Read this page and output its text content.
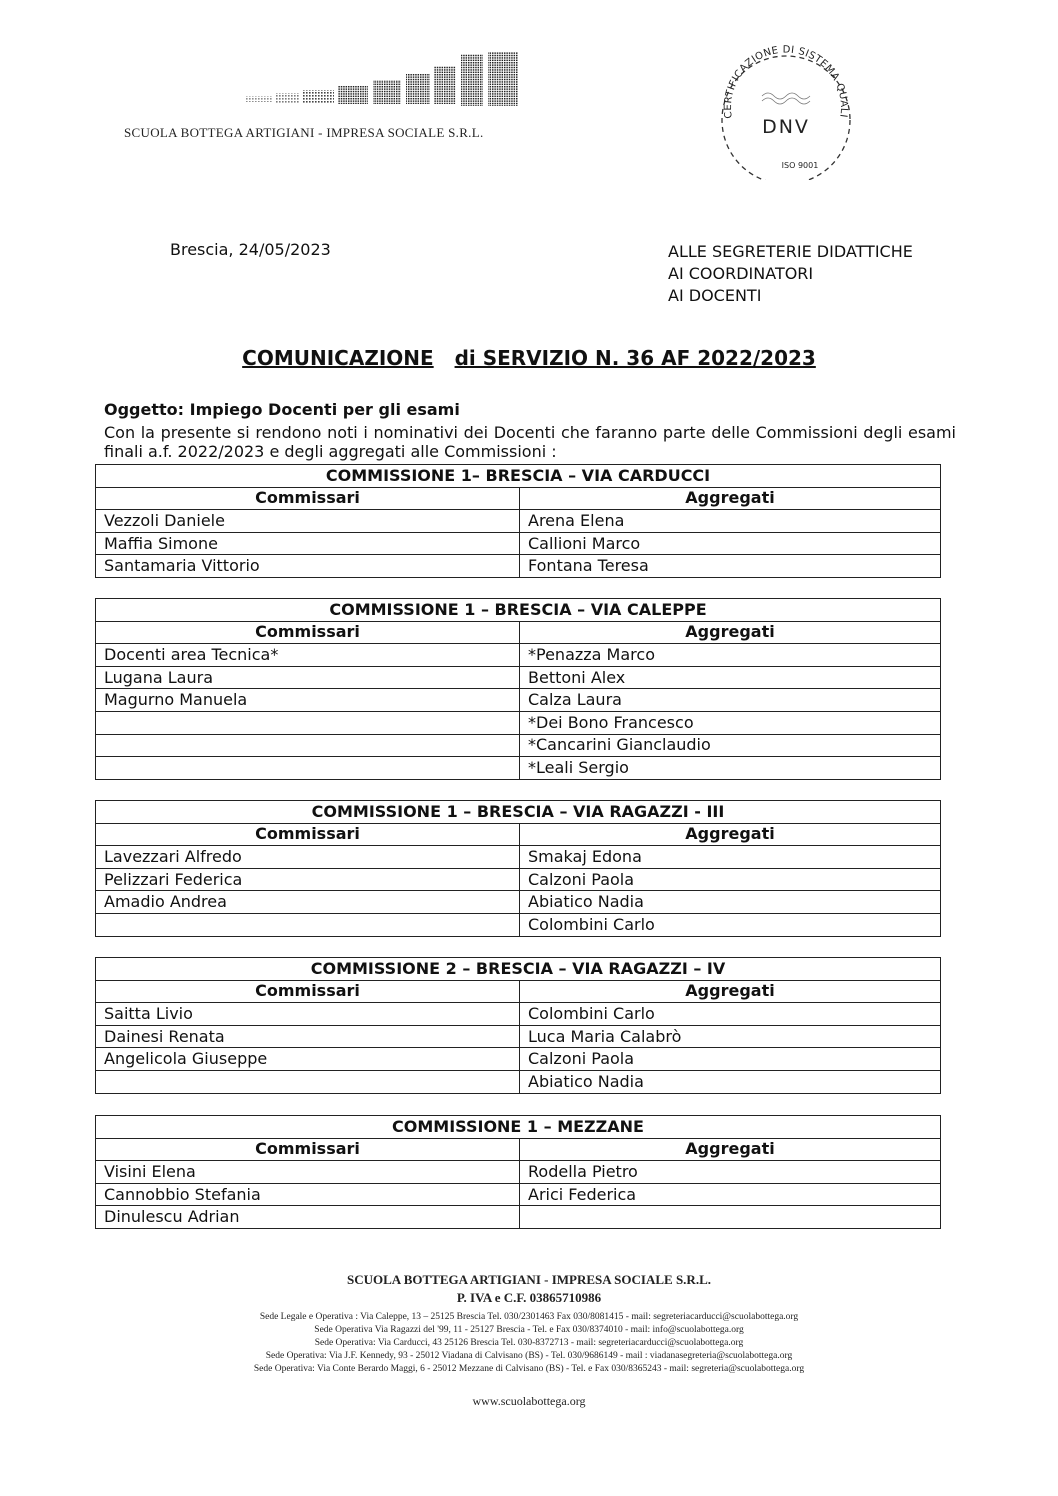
SCUOLA BOTTEGA ARTIGIANI - IMPRESA SOCIALE S.R.L.
CERTIFICAZIONE DI SISTEMA QUALI
DNV
ISO 9001
Brescia, 24/05/2023	ALLE SEGRETERIE DIDATTICHE
AI COORDINATORI
AI DOCENTI
COMUNICAZIONE di SERVIZIO N. 36 AF 2022/2023
Oggetto: Impiego Docenti per gli esami
Con la presente si rendono noti i nominativi dei Docenti che faranno parte delle Commissioni degli esami finali a.f. 2022/2023 e degli aggregati alle Commissioni :
COMMISSIONE 1– BRESCIA – VIA CARDUCCI	
Commissari	Aggregati
Vezzoli Daniele	Arena Elena
Maffia Simone	Callioni Marco
Santamaria Vittorio	Fontana Teresa
COMMISSIONE 1 – BRESCIA – VIA CALEPPE	
Commissari	Aggregati
Docenti area Tecnica*	*Penazza Marco
Lugana Laura	Bettoni Alex
Magurno Manuela	Calza Laura
	*Dei Bono Francesco
	*Cancarini Gianclaudio
	*Leali Sergio
COMMISSIONE 1 – BRESCIA – VIA RAGAZZI - III	
Commissari	Aggregati
Lavezzari Alfredo	Smakaj Edona
Pelizzari Federica	Calzoni Paola
Amadio Andrea	Abiatico Nadia
	Colombini Carlo
COMMISSIONE 2 – BRESCIA – VIA RAGAZZI – IV	
Commissari	Aggregati
Saitta Livio	Colombini Carlo
Dainesi Renata	Luca Maria Calabrò
Angelicola Giuseppe	Calzoni Paola
	Abiatico Nadia
COMMISSIONE 1 – MEZZANE	
Commissari	Aggregati
Visini Elena	Rodella Pietro
Cannobbio Stefania	Arici Federica
Dinulescu Adrian	
SCUOLA BOTTEGA ARTIGIANI - IMPRESA SOCIALE S.R.L.
P. IVA e C.F. 03865710986
Sede Legale e Operativa : Via Caleppe, 13 – 25125 Brescia Tel. 030/2301463 Fax 030/8081415 - mail: segreteriacarducci@scuolabottega.org
Sede Operativa Via Ragazzi del '99, 11 - 25127 Brescia - Tel. e Fax 030/8374010 - mail: info@scuolabottega.org
Sede Operativa: Via Carducci, 43 25126 Brescia Tel. 030-8372713 - mail: segreteriacarducci@scuolabottega.org
Sede Operativa: Via J.F. Kennedy, 93 - 25012 Viadana di Calvisano (BS) - Tel. 030/9686149 - mail : viadanasegreteria@scuolabottega.org
Sede Operativa: Via Conte Berardo Maggi, 6 - 25012 Mezzane di Calvisano (BS) - Tel. e Fax 030/8365243 - mail: segreteria@scuolabottega.org
www.scuolabottega.org
